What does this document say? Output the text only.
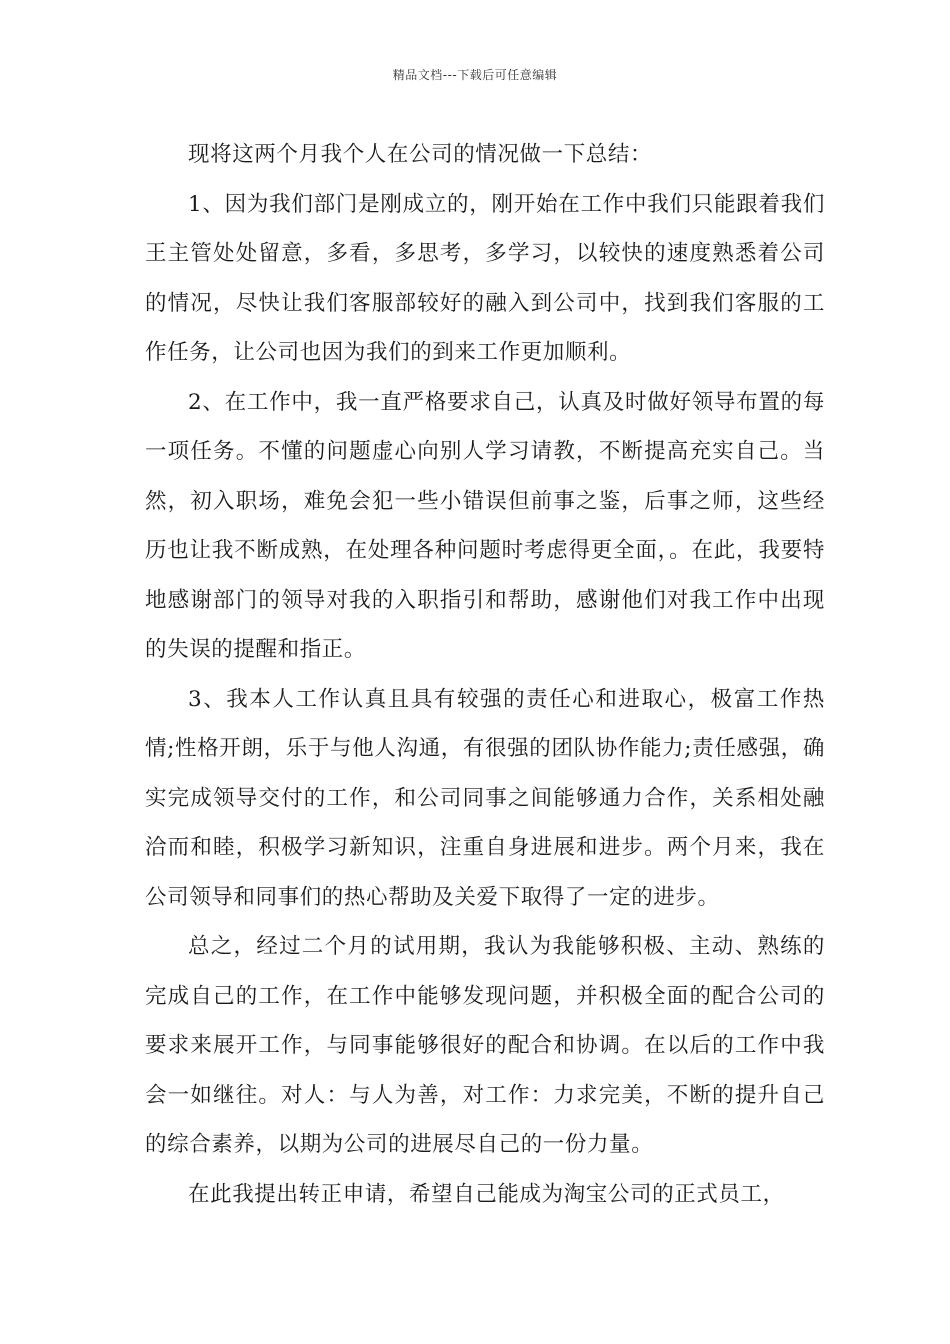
精品文档---下载后可任意编辑

现将这两个月我个人在公司的情况做一下总结：

1、因为我们部门是刚成立的，刚开始在工作中我们只能跟着我们王主管处处留意，多看，多思考，多学习，以较快的速度熟悉着公司的情况，尽快让我们客服部较好的融入到公司中，找到我们客服的工作任务，让公司也因为我们的到来工作更加顺利。

2、在工作中，我一直严格要求自己，认真及时做好领导布置的每一项任务。不懂的问题虚心向别人学习请教，不断提高充实自己。当然，初入职场，难免会犯一些小错误但前事之鉴，后事之师，这些经历也让我不断成熟，在处理各种问题时考虑得更全面，。在此，我要特地感谢部门的领导对我的入职指引和帮助，感谢他们对我工作中出现的失误的提醒和指正。

3、我本人工作认真且具有较强的责任心和进取心，极富工作热情;性格开朗，乐于与他人沟通，有很强的团队协作能力;责任感强，确实完成领导交付的工作，和公司同事之间能够通力合作，关系相处融洽而和睦，积极学习新知识，注重自身进展和进步。两个月来，我在公司领导和同事们的热心帮助及关爱下取得了一定的进步。

总之，经过二个月的试用期，我认为我能够积极、主动、熟练的完成自己的工作，在工作中能够发现问题，并积极全面的配合公司的要求来展开工作，与同事能够很好的配合和协调。在以后的工作中我会一如继往。对人：与人为善，对工作：力求完美，不断的提升自己的综合素养，以期为公司的进展尽自己的一份力量。

在此我提出转正申请，希望自己能成为淘宝公司的正式员工，
